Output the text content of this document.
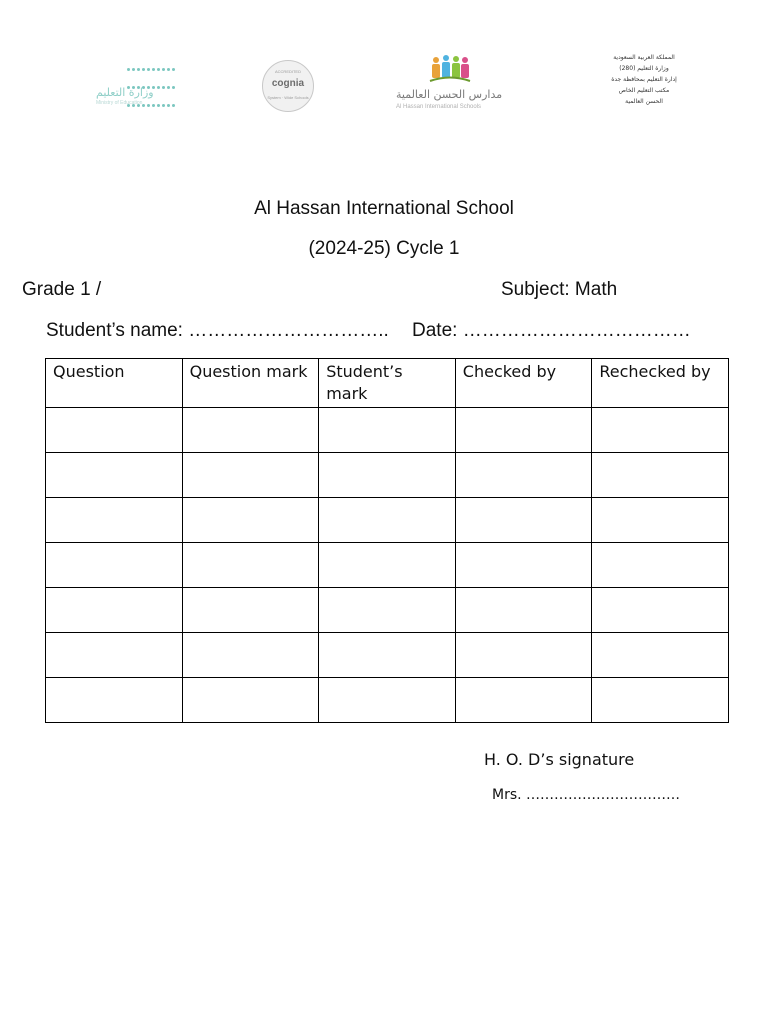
وزارة التعليم
Ministry of Education
ACCREDITED
cognia
System · Wide Schools	مدارس الحسن العالمية
Al Hassan International Schools
المملكة العربية السعودية
وزارة التعليم (280)
إدارة التعليم بمحافظة جدة
مكتب التعليم الخاص
الحسن العالمية
Al Hassan International School
(2024-25) Cycle 1
Grade 1 /	Subject: Math
Student’s name: ………………………….. Date: ………………………………
Question	Question mark	Student’s mark	Checked by	Rechecked by

H. O. D’s signature
Mrs. ……………………………
